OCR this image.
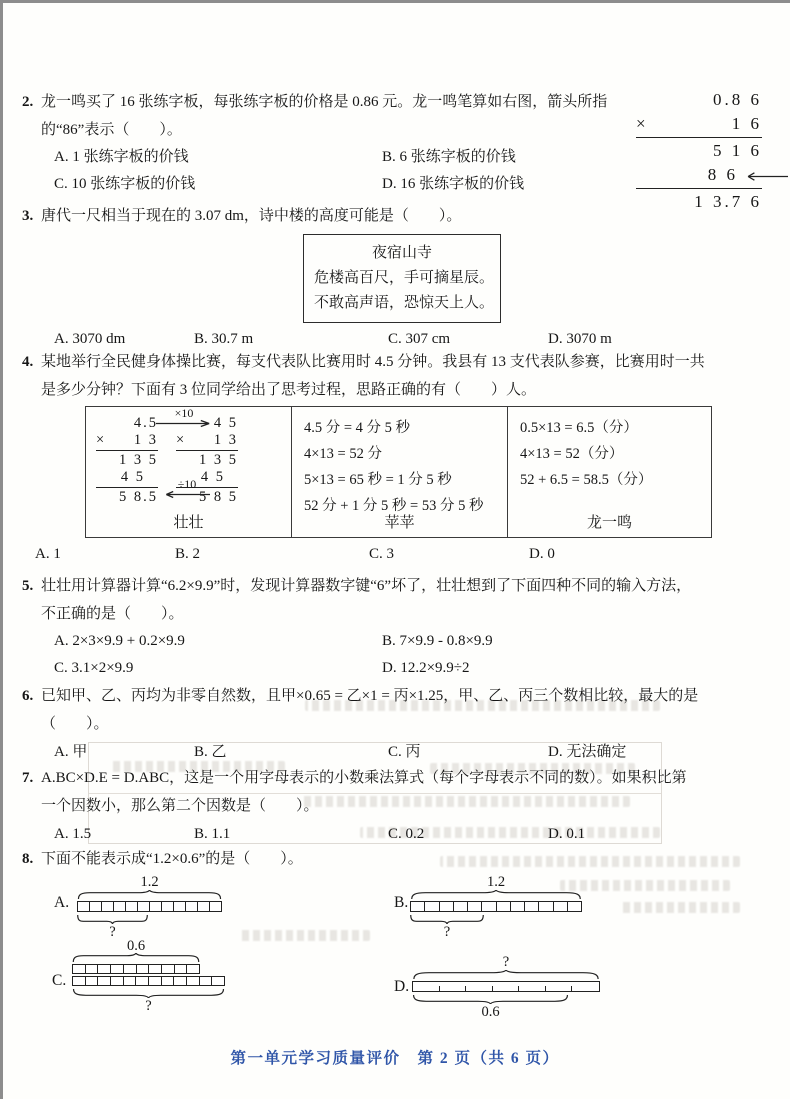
2. 龙一鸣买了 16 张练字板，每张练字板的价格是 0.86 元。龙一鸣笔算如右图，箭头所指
的“86”表示（　　）。
A. 1 张练字板的价钱	B. 6 张练字板的价钱
C. 10 张练字板的价钱	D. 16 张练字板的价钱
0.8 6
×	1 6
5 1 6
8 6
1 3.7 6
3. 唐代一尺相当于现在的 3.07 dm，诗中楼的高度可能是（　　）。
夜宿山寺
危楼高百尺，手可摘星辰。
不敢高声语，恐惊天上人。
A. 3070 dm	B. 30.7 m	C. 307 cm	D. 3070 m
4. 某地举行全民健身体操比赛，每支代表队比赛用时 4.5 分钟。我县有 13 支代表队参赛，比赛用时一共
是多少分钟？下面有 3 位同学给出了思考过程，思路正确的有（　　）人。
4.5
× 1 3
1 3 5
4 5
5 8.5
×10
4 5
× 1 3
1 3 5
4 5
5 8 5
÷10
壮壮
4.5 分 = 4 分 5 秒
4×13 = 52 分
5×13 = 65 秒 = 1 分 5 秒
52 分 + 1 分 5 秒 = 53 分 5 秒
苹苹
0.5×13 = 6.5（分）
4×13 = 52（分）
52 + 6.5 = 58.5（分）
龙一鸣
A. 1	B. 2	C. 3	D. 0
5. 壮壮用计算器计算“6.2×9.9”时，发现计算器数字键“6”坏了，壮壮想到了下面四种不同的输入方法，
不正确的是（　　）。
A. 2×3×9.9 + 0.2×9.9	B. 7×9.9 - 0.8×9.9
C. 3.1×2×9.9	D. 12.2×9.9÷2
6. 已知甲、乙、丙均为非零自然数，且甲×0.65 = 乙×1 = 丙×1.25，甲、乙、丙三个数相比较，最大的是
（　　）。
A. 甲	B. 乙	C. 丙	D. 无法确定
7. A.BC×D.E = D.ABC，这是一个用字母表示的小数乘法算式（每个字母表示不同的数）。如果积比第
一个因数小，那么第二个因数是（　　）。
A. 1.5	B. 1.1	C. 0.2	D. 0.1
8. 下面不能表示成“1.2×0.6”的是（　　）。
A.
1.2
?
B.
1.2
?
0.6
C.
?
?
D.
0.6
第一单元学习质量评价　第 2 页（共 6 页）
